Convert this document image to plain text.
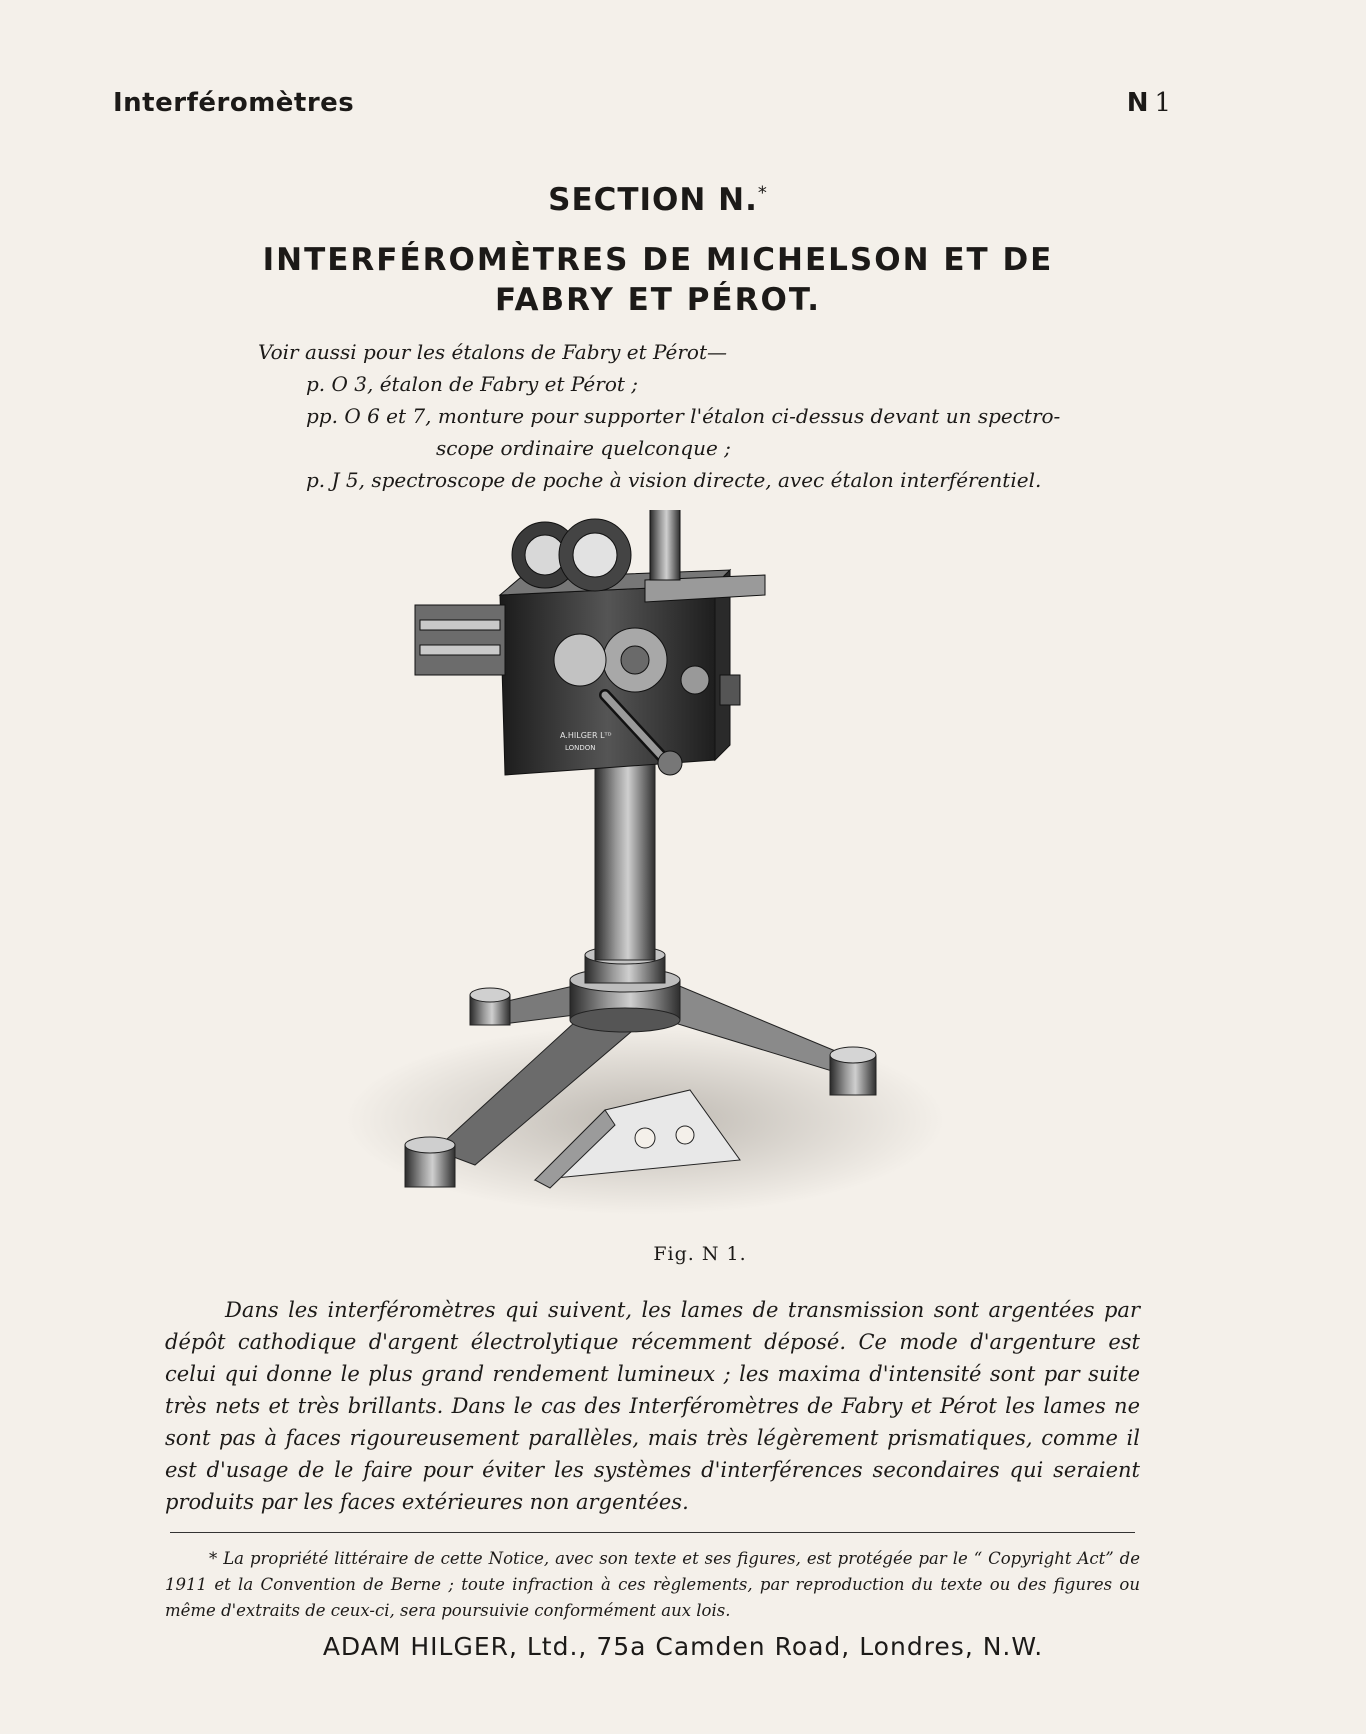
Interféromètres	N 1
SECTION N.*
INTERFÉROMÈTRES DE MICHELSON ET DE
FABRY ET PÉROT.

Voir aussi pour les étalons de Fabry et Pérot—

p. O 3, étalon de Fabry et Pérot ;

pp. O 6 et 7, monture pour supporter l'étalon ci-dessus devant un spectro-

scope ordinaire quelconque ;

p. J 5, spectroscope de poche à vision directe, avec étalon interférentiel.

A.HILGER Lᵀᴰ
LONDON
Fig. N 1.

Dans les interféromètres qui suivent, les lames de transmission sont argentées par dépôt cathodique d'argent électrolytique récemment déposé. Ce mode d'argenture est celui qui donne le plus grand rendement lumineux ; les maxima d'intensité sont par suite très nets et très brillants. Dans le cas des Interféromètres de Fabry et Pérot les lames ne sont pas à faces rigoureusement parallèles, mais très légèrement prismatiques, comme il est d'usage de le faire pour éviter les systèmes d'interférences secondaires qui seraient produits par les faces extérieures non argentées.

* La propriété littéraire de cette Notice, avec son texte et ses figures, est protégée par le “ Copyright Act” de 1911 et la Convention de Berne ; toute infraction à ces règlements, par reproduction du texte ou des figures ou même d'extraits de ceux-ci, sera poursuivie conformément aux lois.

ADAM HILGER, Ltd., 75a Camden Road, Londres, N.W.
